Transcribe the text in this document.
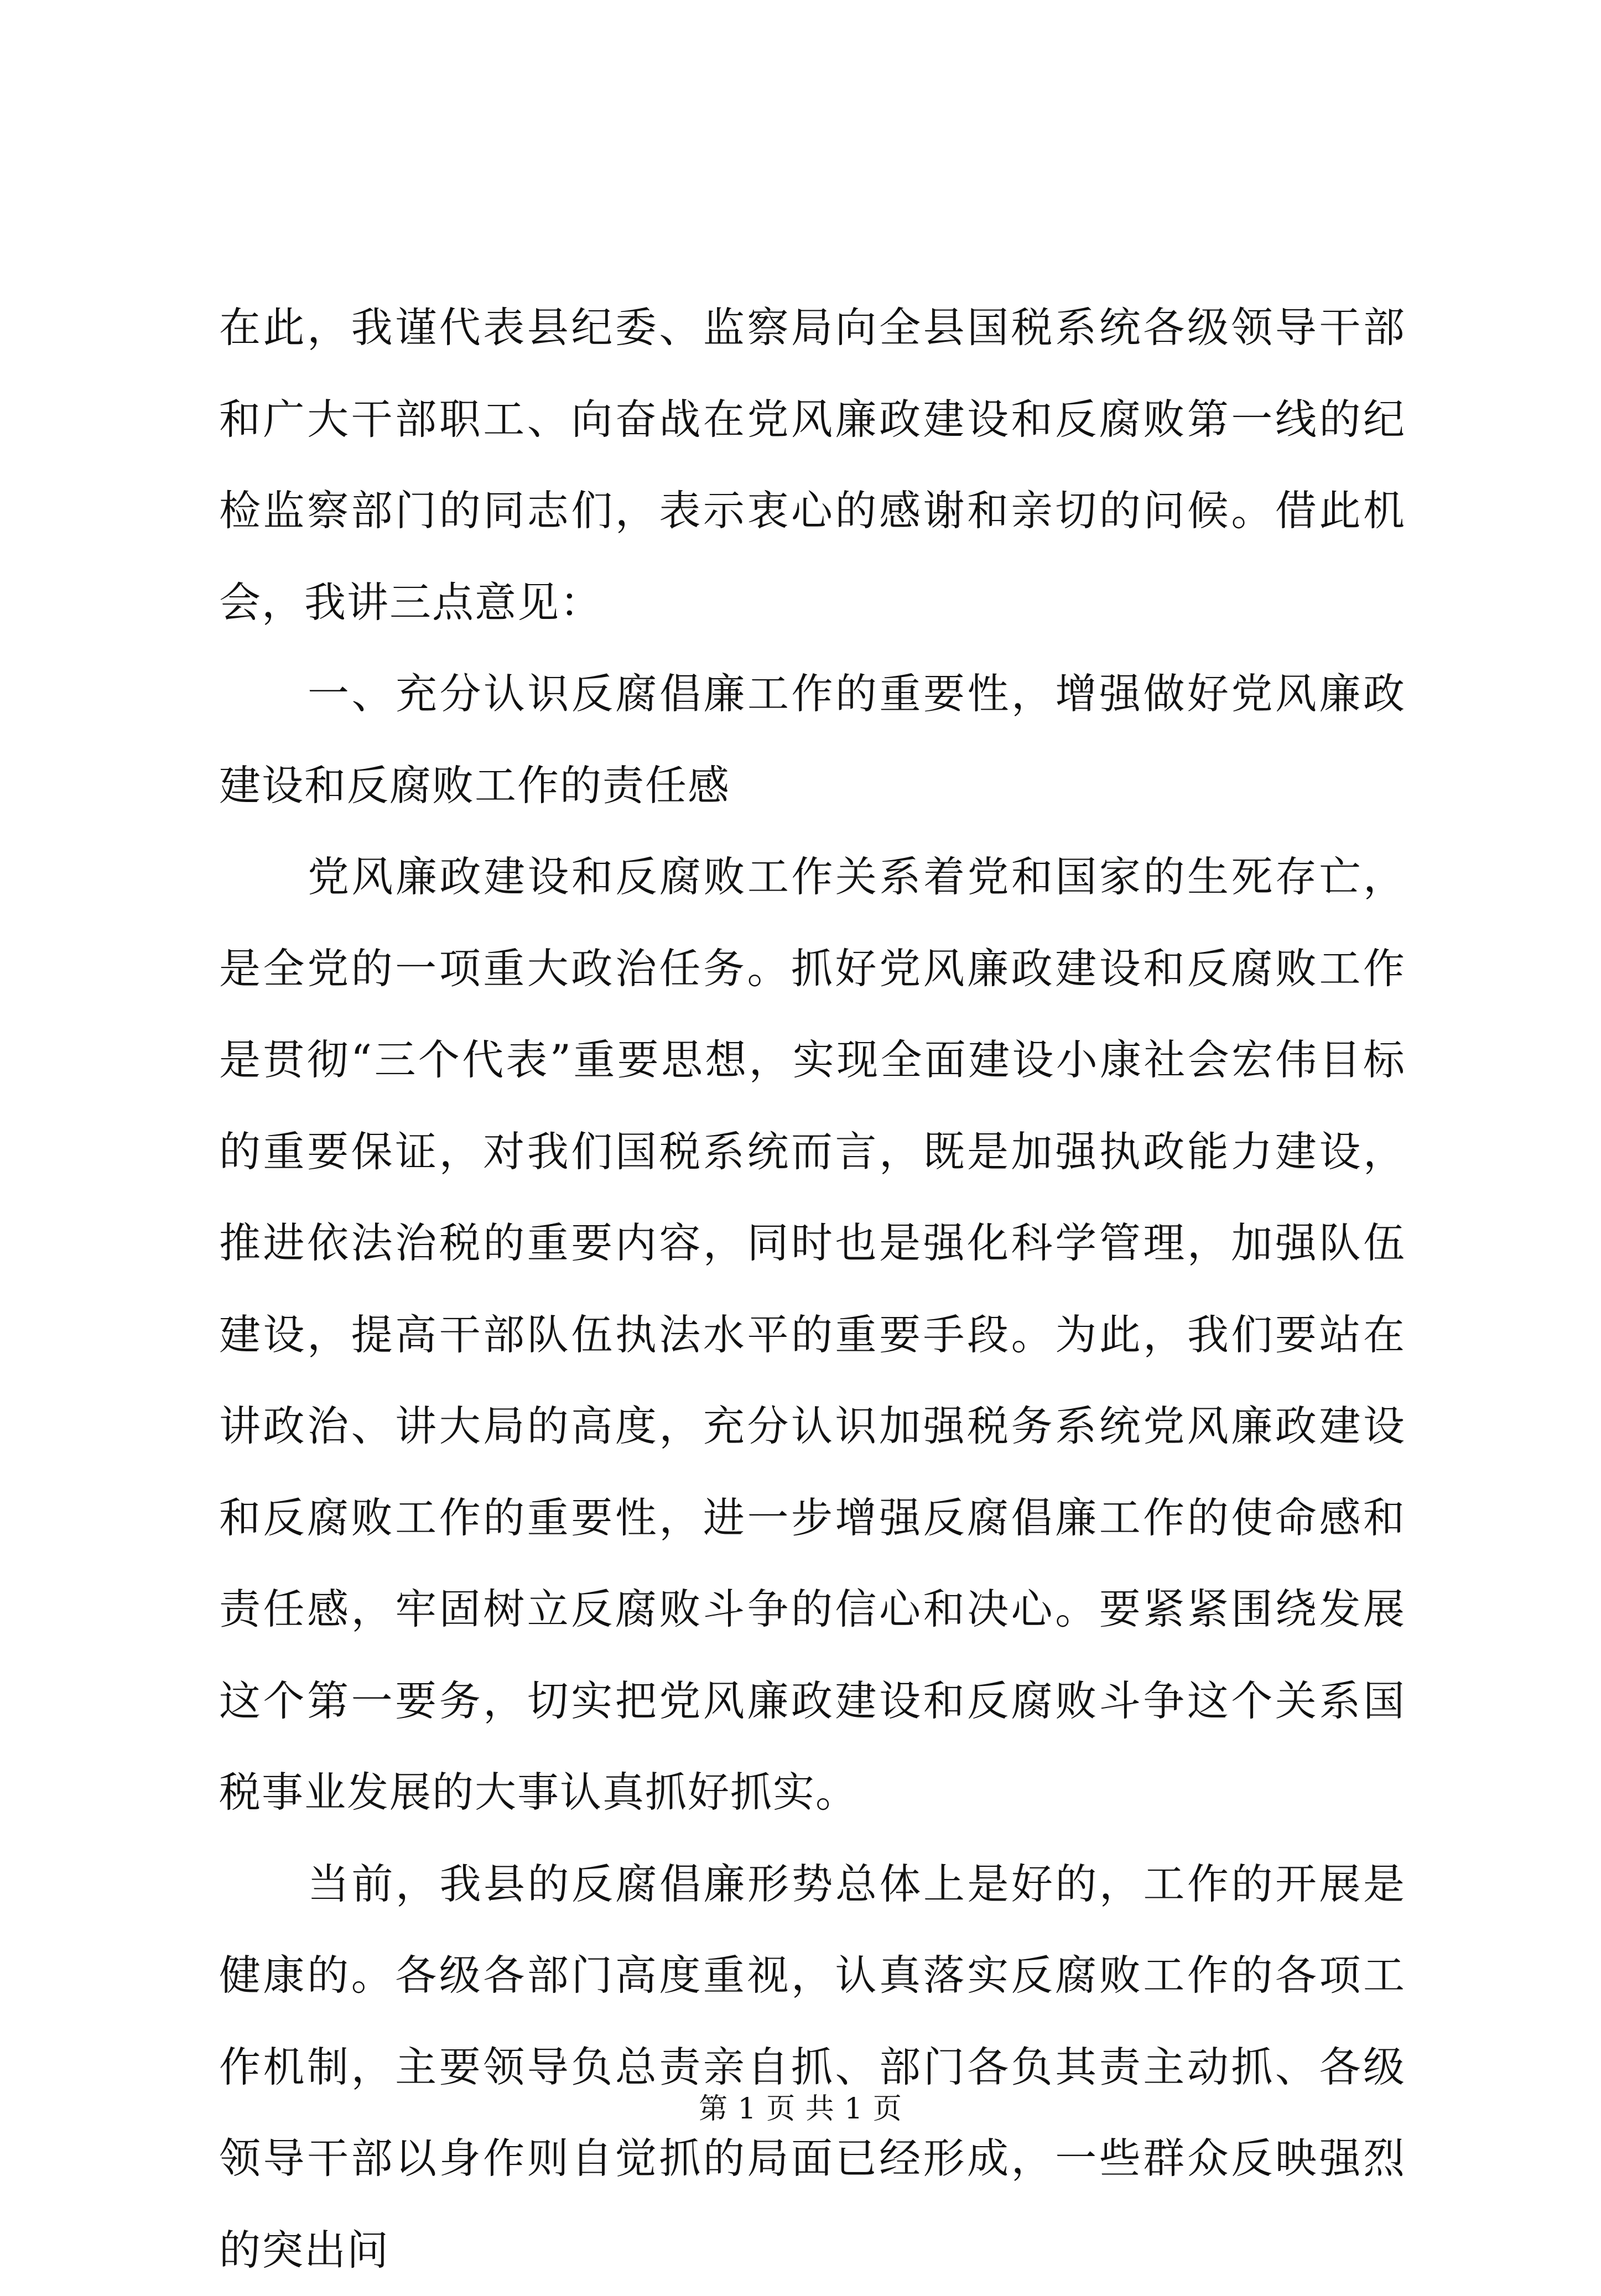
在此，我谨代表县纪委、监察局向全县国税系统各级领导干部和广大干部职工、向奋战在党风廉政建设和反腐败第一线的纪检监察部门的同志们，表示衷心的感谢和亲切的问候。借此机会，我讲三点意见：

一、充分认识反腐倡廉工作的重要性，增强做好党风廉政建设和反腐败工作的责任感

党风廉政建设和反腐败工作关系着党和国家的生死存亡，是全党的一项重大政治任务。抓好党风廉政建设和反腐败工作是贯彻“三个代表”重要思想，实现全面建设小康社会宏伟目标的重要保证，对我们国税系统而言，既是加强执政能力建设，推进依法治税的重要内容，同时也是强化科学管理，加强队伍建设，提高干部队伍执法水平的重要手段。为此，我们要站在讲政治、讲大局的高度，充分认识加强税务系统党风廉政建设和反腐败工作的重要性，进一步增强反腐倡廉工作的使命感和责任感，牢固树立反腐败斗争的信心和决心。要紧紧围绕发展这个第一要务，切实把党风廉政建设和反腐败斗争这个关系国税事业发展的大事认真抓好抓实。

当前，我县的反腐倡廉形势总体上是好的，工作的开展是健康的。各级各部门高度重视，认真落实反腐败工作的各项工作机制，主要领导负总责亲自抓、部门各负其责主动抓、各级领导干部以身作则自觉抓的局面已经形成，一些群众反映强烈的突出问

第 1 页 共 1 页
